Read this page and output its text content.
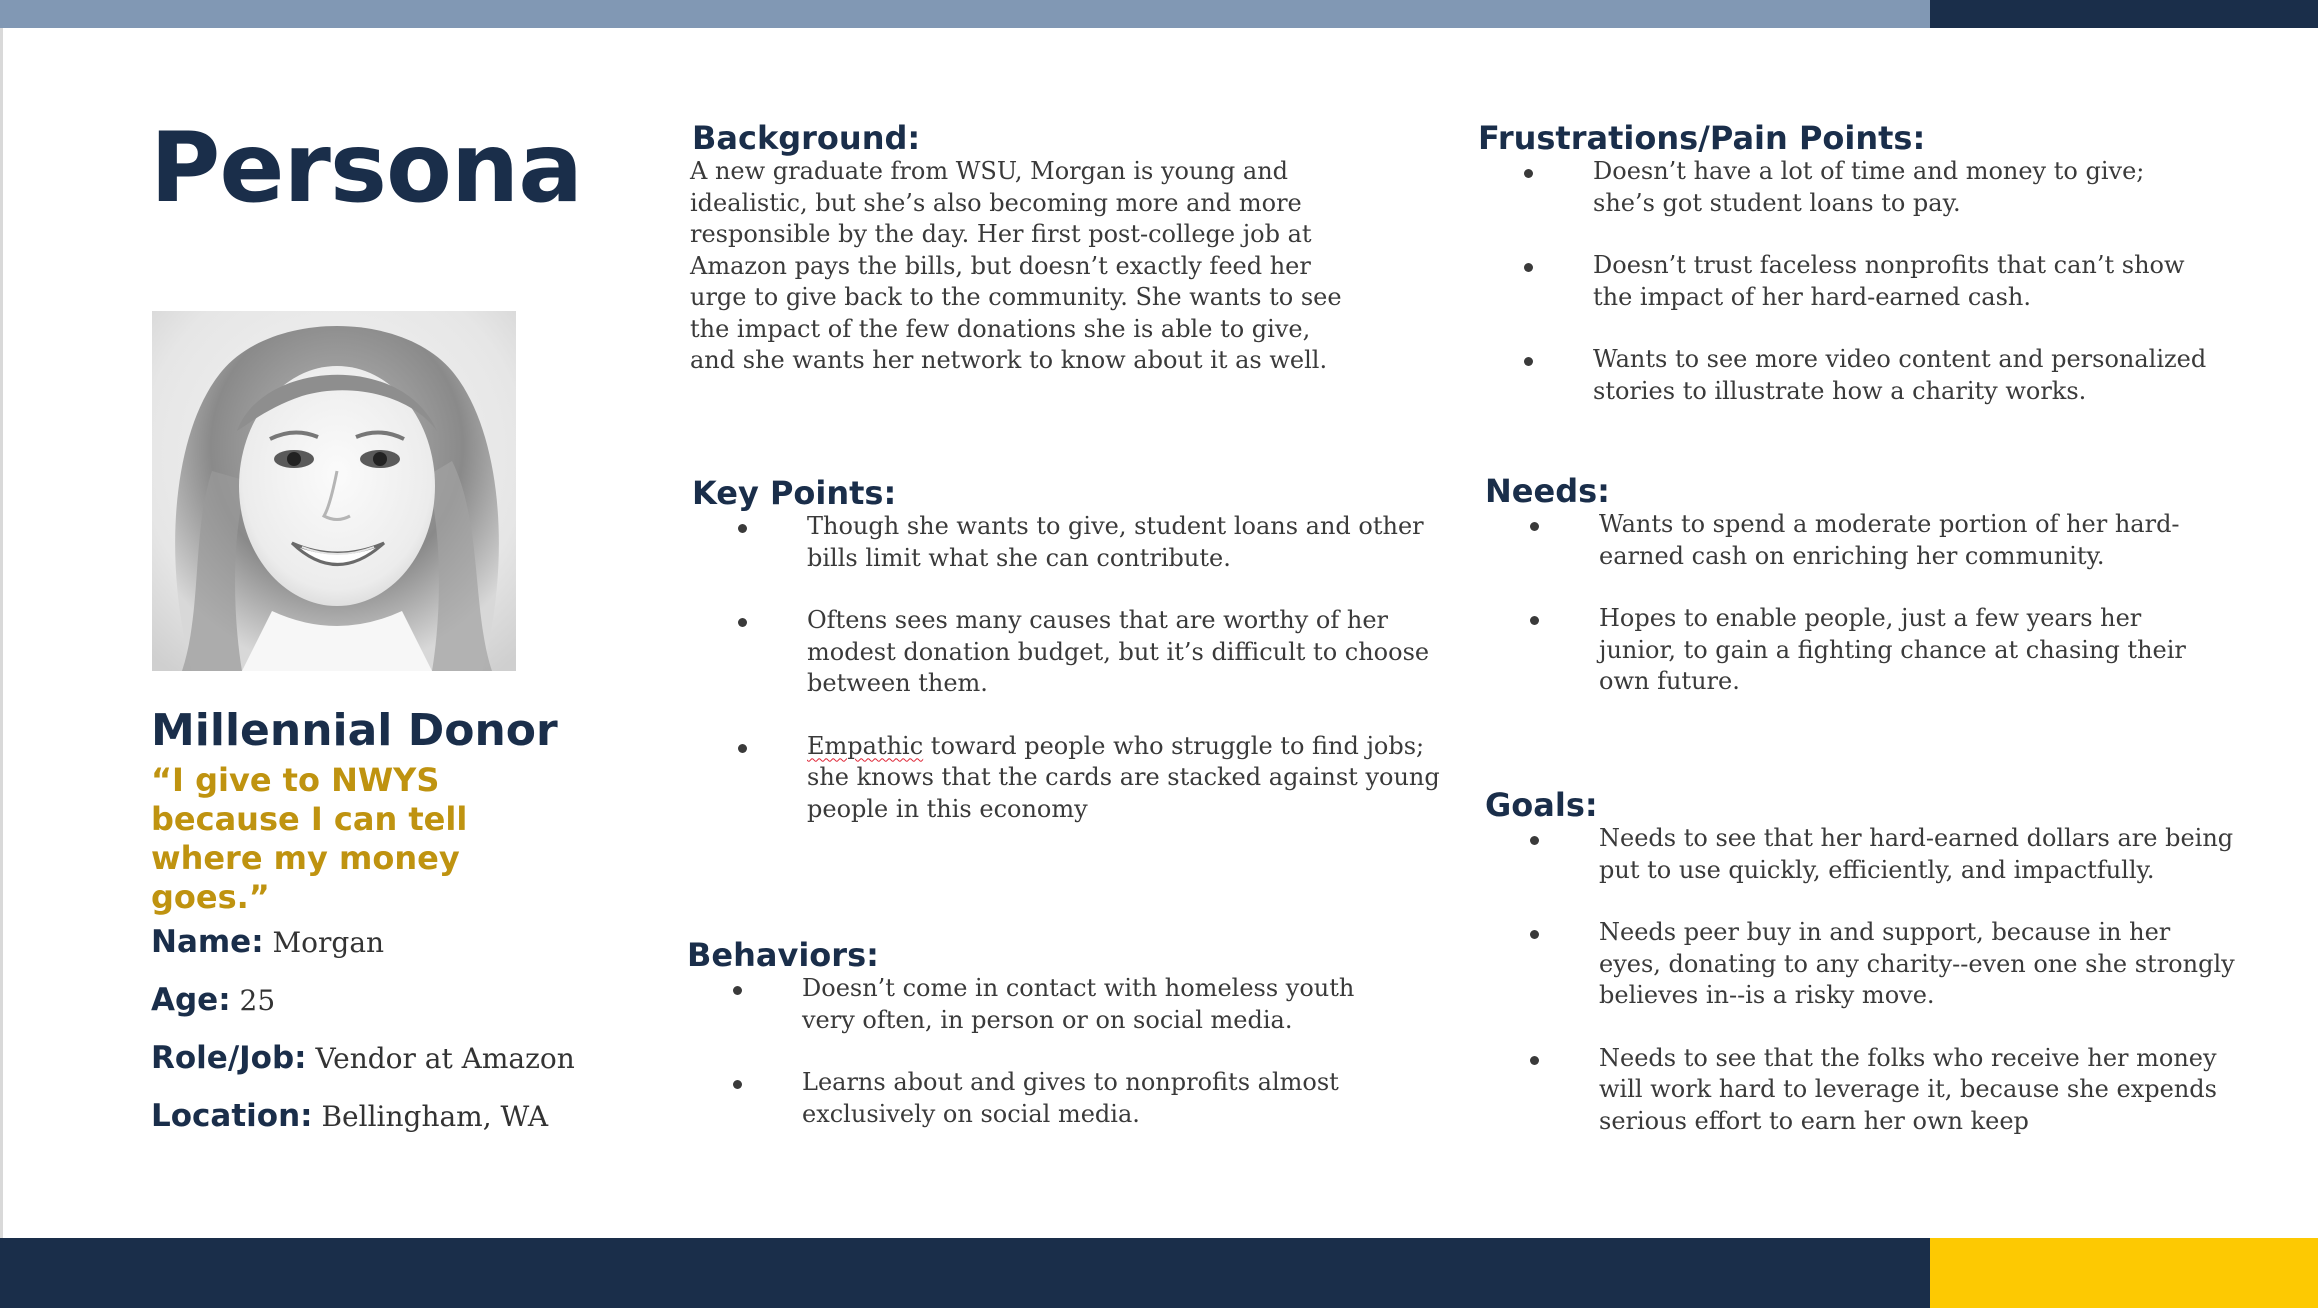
Persona
Millennial Donor
“I give to NWYS because I can tell where my money goes.”
Name: Morgan
Age: 25
Role/Job: Vendor at Amazon
Location: Bellingham, WA
Background:
A new graduate from WSU, Morgan is young and idealistic, but she’s also becoming more and more responsible by the day. Her first post-college job at Amazon pays the bills, but doesn’t exactly feed her urge to give back to the community. She wants to see the impact of the few donations she is able to give, and she wants her network to know about it as well.
Key Points:
Though she wants to give, student loans and other bills limit what she can contribute.
Oftens sees many causes that are worthy of her modest donation budget, but it’s difficult to choose between them.
Empathic toward people who struggle to find jobs; she knows that the cards are stacked against young people in this economy
Behaviors:
Doesn’t come in contact with homeless youth very often, in person or on social media.
Learns about and gives to nonprofits almost exclusively on social media.
Frustrations/Pain Points:
Doesn’t have a lot of time and money to give; she’s got student loans to pay.
Doesn’t trust faceless nonprofits that can’t show the impact of her hard-earned cash.
Wants to see more video content and personalized stories to illustrate how a charity works.
Needs:
Wants to spend a moderate portion of her hard-earned cash on enriching her community.
Hopes to enable people, just a few years her junior, to gain a fighting chance at chasing their own future.
Goals:
Needs to see that her hard-earned dollars are being put to use quickly, efficiently, and impactfully.
Needs peer buy in and support, because in her eyes, donating to any charity--even one she strongly believes in--is a risky move.
Needs to see that the folks who receive her money will work hard to leverage it, because she expends serious effort to earn her own keep
